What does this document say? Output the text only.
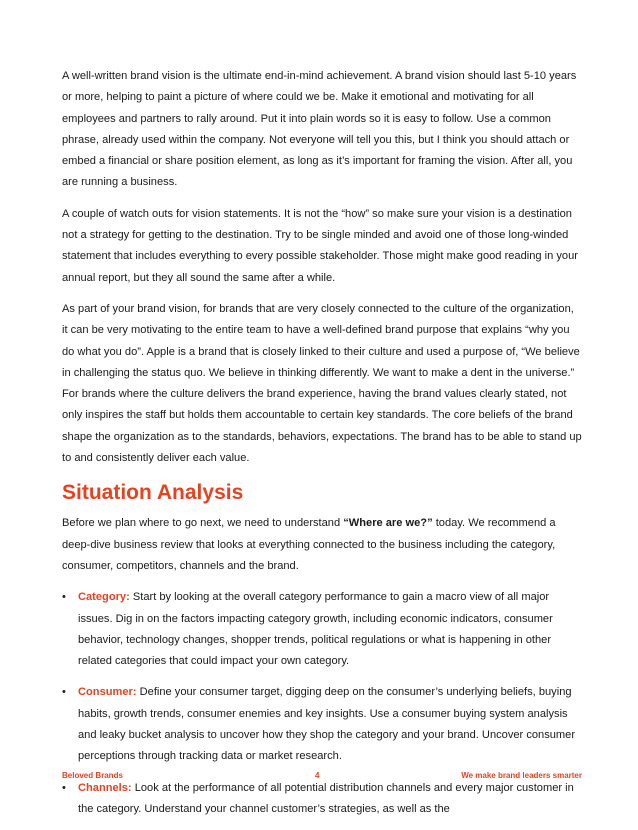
A well-written brand vision is the ultimate end-in-mind achievement. A brand vision should last 5-10 years or more, helping to paint a picture of where could we be. Make it emotional and motivating for all employees and partners to rally around. Put it into plain words so it is easy to follow. Use a common phrase, already used within the company. Not everyone will tell you this, but I think you should attach or embed a financial or share position element, as long as it’s important for framing the vision. After all, you are running a business.

A couple of watch outs for vision statements. It is not the “how” so make sure your vision is a destination not a strategy for getting to the destination. Try to be single minded and avoid one of those long-winded statement that includes everything to every possible stakeholder. Those might make good reading in your annual report, but they all sound the same after a while.

As part of your brand vision, for brands that are very closely connected to the culture of the organization, it can be very motivating to the entire team to have a well-defined brand purpose that explains “why you do what you do”. Apple is a brand that is closely linked to their culture and used a purpose of, “We believe in challenging the status quo. We believe in thinking differently. We want to make a dent in the universe.” For brands where the culture delivers the brand experience, having the brand values clearly stated, not only inspires the staff but holds them accountable to certain key standards. The core beliefs of the brand shape the organization as to the standards, behaviors, expectations. The brand has to be able to stand up to and consistently deliver each value.

Situation Analysis

Before we plan where to go next, we need to understand “Where are we?” today. We recommend a deep-dive business review that looks at everything connected to the business including the category, consumer, competitors, channels and the brand.

• Category: Start by looking at the overall category performance to gain a macro view of all major issues. Dig in on the factors impacting category growth, including economic indicators, consumer behavior, technology changes, shopper trends, political regulations or what is happening in other related categories that could impact your own category.
• Consumer: Define your consumer target, digging deep on the consumer’s underlying beliefs, buying habits, growth trends, consumer enemies and key insights. Use a consumer buying system analysis and leaky bucket analysis to uncover how they shop the category and your brand. Uncover consumer perceptions through tracking data or market research.
• Channels: Look at the performance of all potential distribution channels and every major customer in the category. Understand your channel customer’s strategies, as well as the
Beloved Brands	4	We make brand leaders smarter
